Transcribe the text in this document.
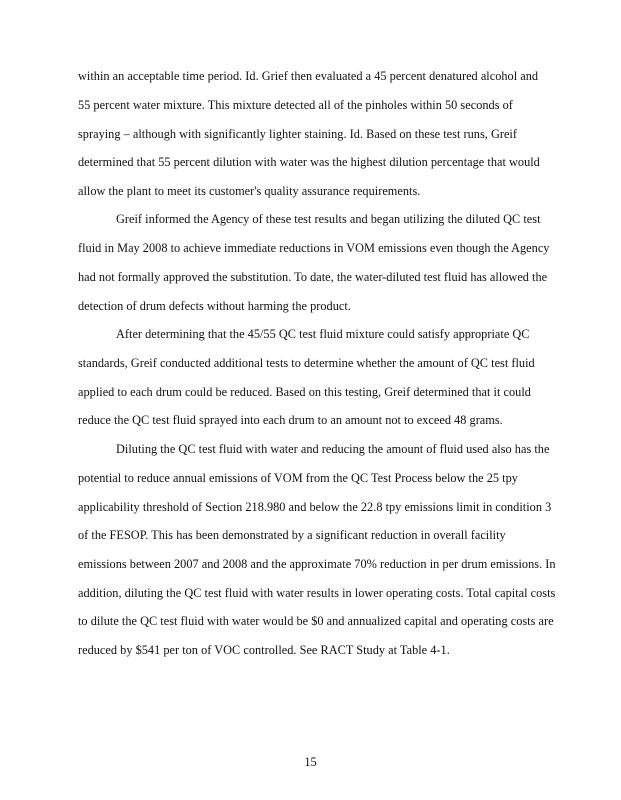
within an acceptable time period. Id. Grief then evaluated a 45 percent denatured alcohol and
55 percent water mixture. This mixture detected all of the pinholes within 50 seconds of
spraying – although with significantly lighter staining. Id. Based on these test runs, Greif
determined that 55 percent dilution with water was the highest dilution percentage that would
allow the plant to meet its customer's quality assurance requirements.
Greif informed the Agency of these test results and began utilizing the diluted QC test
fluid in May 2008 to achieve immediate reductions in VOM emissions even though the Agency
had not formally approved the substitution. To date, the water-diluted test fluid has allowed the
detection of drum defects without harming the product.
After determining that the 45/55 QC test fluid mixture could satisfy appropriate QC
standards, Greif conducted additional tests to determine whether the amount of QC test fluid
applied to each drum could be reduced. Based on this testing, Greif determined that it could
reduce the QC test fluid sprayed into each drum to an amount not to exceed 48 grams.
Diluting the QC test fluid with water and reducing the amount of fluid used also has the
potential to reduce annual emissions of VOM from the QC Test Process below the 25 tpy
applicability threshold of Section 218.980 and below the 22.8 tpy emissions limit in condition 3
of the FESOP. This has been demonstrated by a significant reduction in overall facility
emissions between 2007 and 2008 and the approximate 70% reduction in per drum emissions. In
addition, diluting the QC test fluid with water results in lower operating costs. Total capital costs
to dilute the QC test fluid with water would be $0 and annualized capital and operating costs are
reduced by $541 per ton of VOC controlled. See RACT Study at Table 4-1.
15
